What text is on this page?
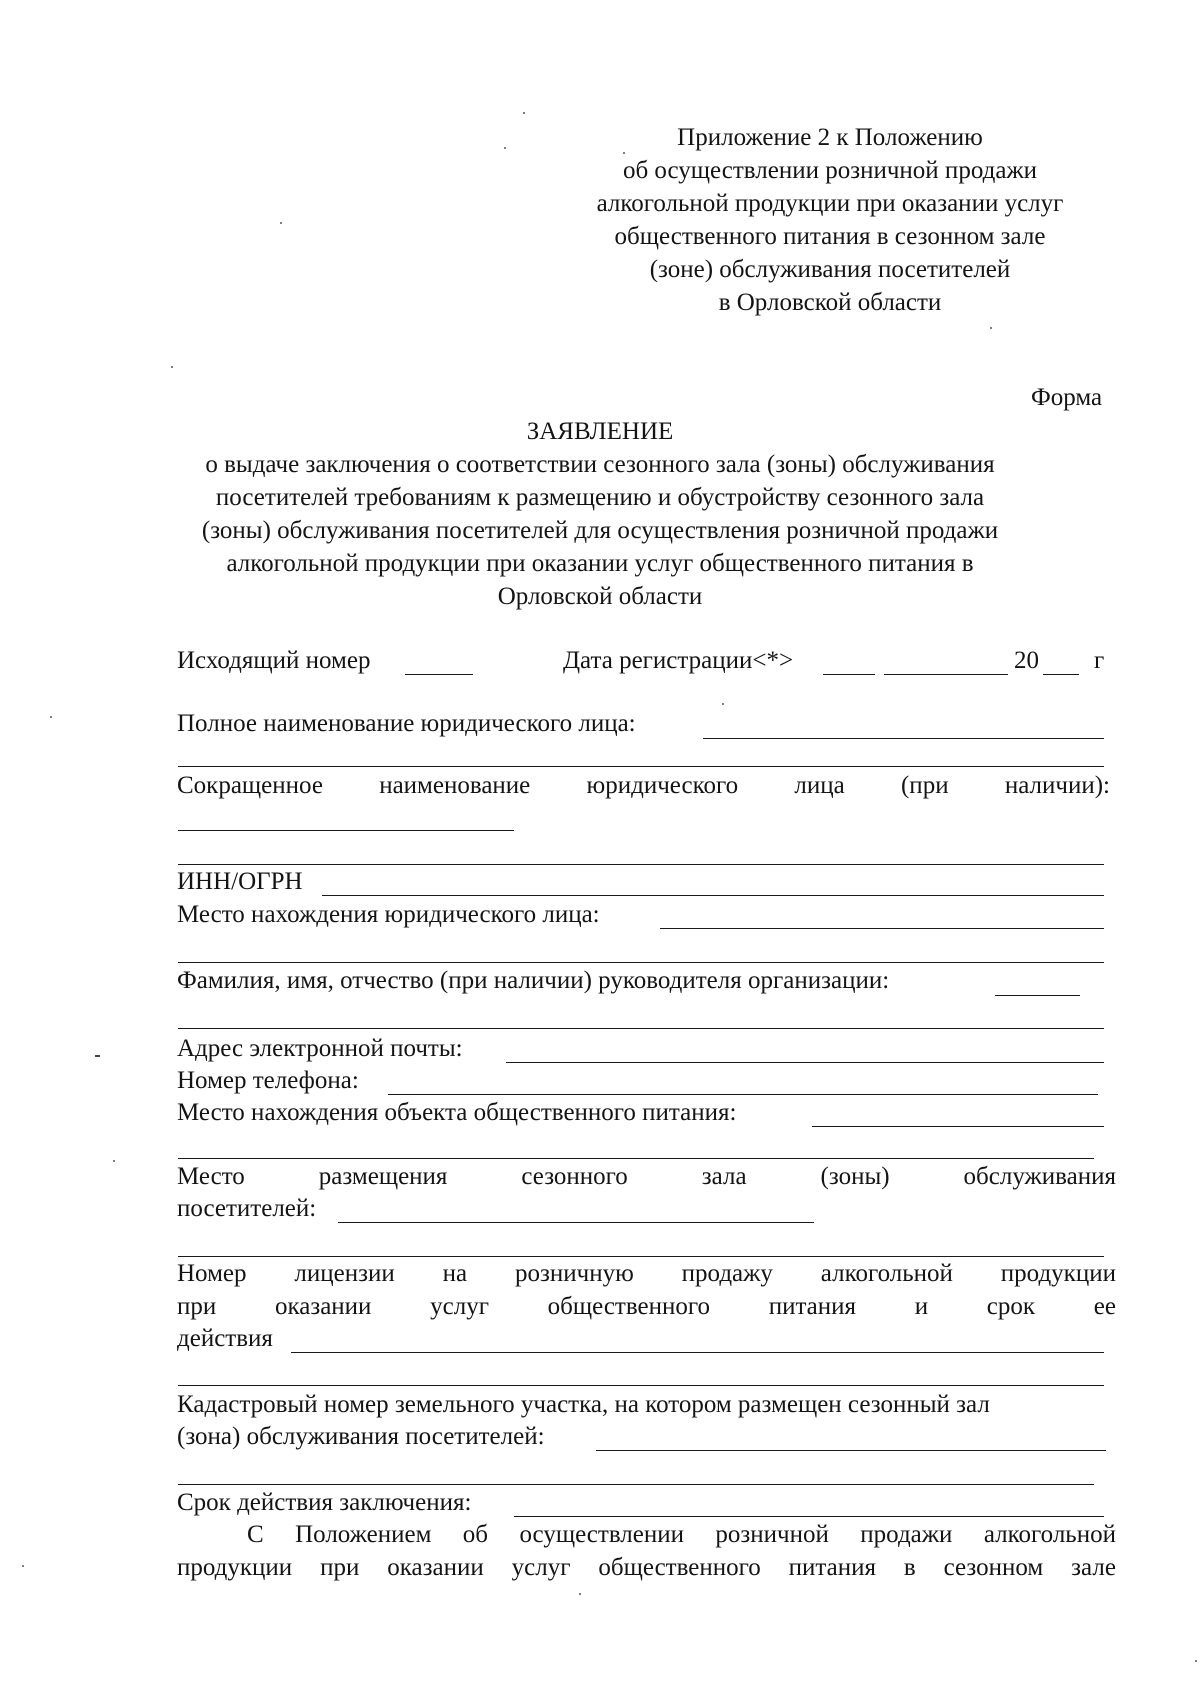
Приложение 2 к Положению
об осуществлении розничной продажи
алкогольной продукции при оказании услуг
общественного питания в сезонном зале
(зоне) обслуживания посетителей
в Орловской области
Форма
ЗАЯВЛЕНИЕ
о выдаче заключения о соответствии сезонного зала (зоны) обслуживания
посетителей требованиям к размещению и обустройству сезонного зала
(зоны) обслуживания посетителей для осуществления розничной продажи
алкогольной продукции при оказании услуг общественного питания в
Орловской области
Исходящий номер	Дата регистрации<*>	20 г
Полное наименование юридического лица:
Сокращенное наименование юридического лица (при наличии):
ИНН/ОГРН
Место нахождения юридического лица:
Фамилия, имя, отчество (при наличии) руководителя организации:
Адрес электронной почты:
Номер телефона:
Место нахождения объекта общественного питания:
Место	размещения	сезонного	зала	(зоны)	обслуживания
посетителей:
Номер лицензии на розничную продажу алкогольной продукции
при оказании услуг общественного питания и срок ее
действия
Кадастровый номер земельного участка, на котором размещен сезонный зал
(зона) обслуживания посетителей:
Срок действия заключения:
С Положением об осуществлении розничной продажи алкогольной
продукции при оказании услуг общественного питания в сезонном зале
